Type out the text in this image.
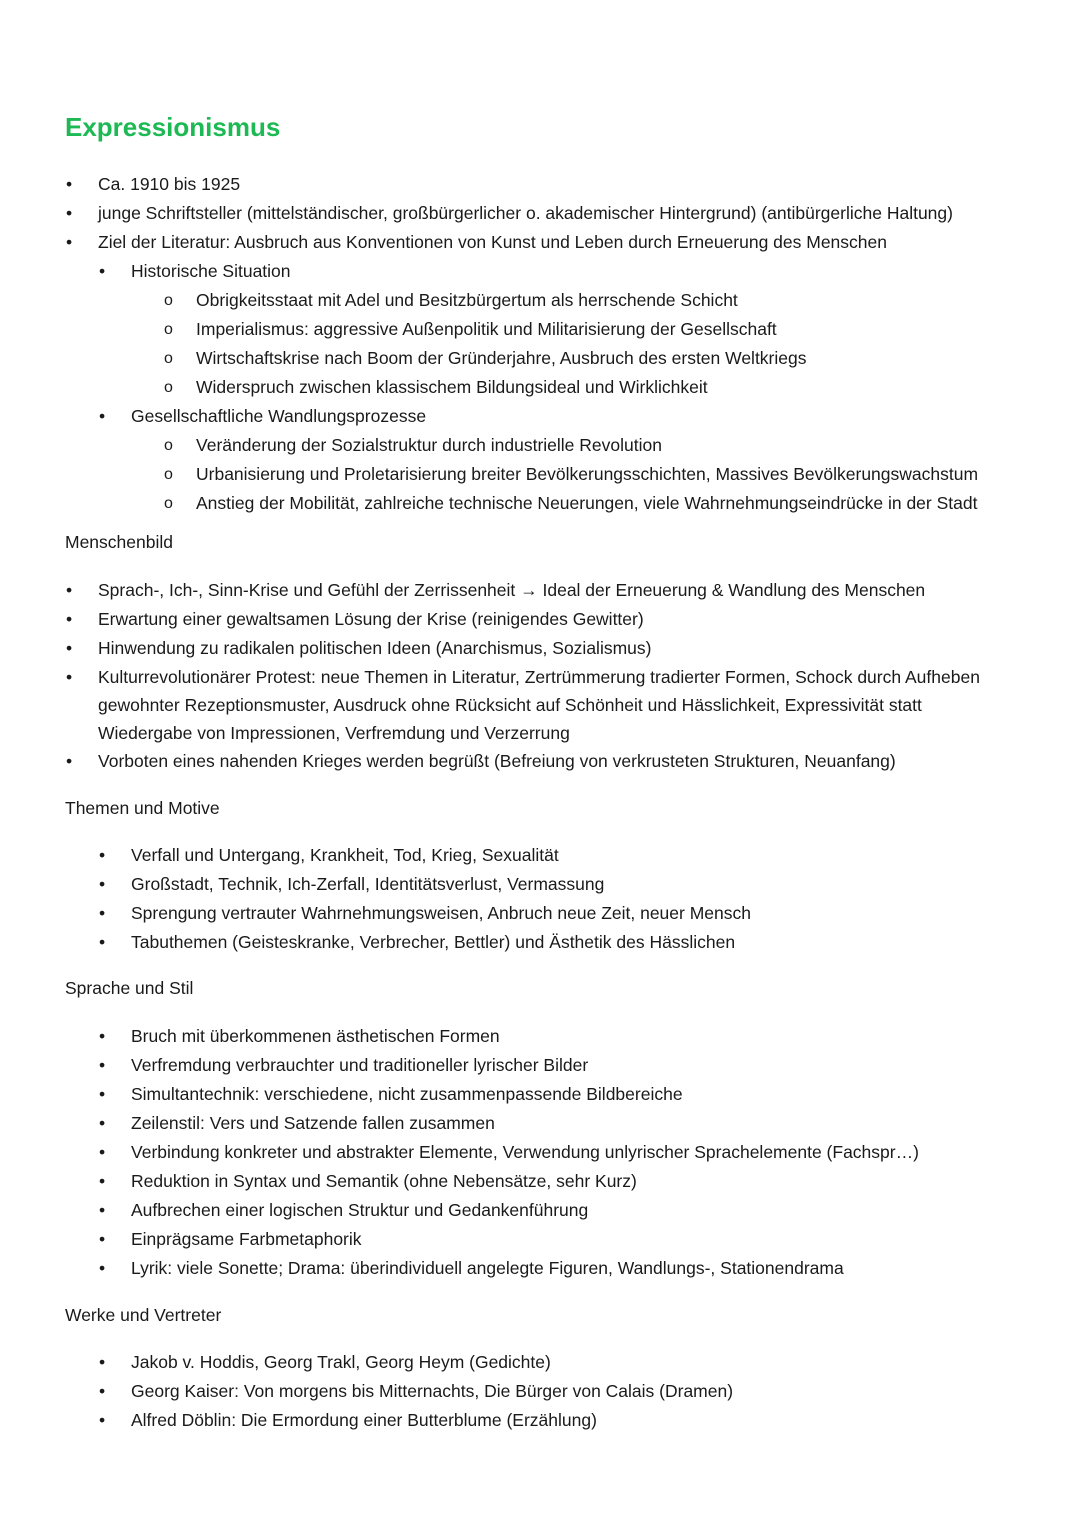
Expressionismus
• Ca. 1910 bis 1925
• junge Schriftsteller (mittelständischer, großbürgerlicher o. akademischer Hintergrund) (antibürgerliche Haltung)
• Ziel der Literatur: Ausbruch aus Konventionen von Kunst und Leben durch Erneuerung des Menschen
• Historische Situation
o Obrigkeitsstaat mit Adel und Besitzbürgertum als herrschende Schicht
o Imperialismus: aggressive Außenpolitik und Militarisierung der Gesellschaft
o Wirtschaftskrise nach Boom der Gründerjahre, Ausbruch des ersten Weltkriegs
o Widerspruch zwischen klassischem Bildungsideal und Wirklichkeit
• Gesellschaftliche Wandlungsprozesse
o Veränderung der Sozialstruktur durch industrielle Revolution
o Urbanisierung und Proletarisierung breiter Bevölkerungsschichten, Massives Bevölkerungswachstum
o Anstieg der Mobilität, zahlreiche technische Neuerungen, viele Wahrnehmungseindrücke in der Stadt
Menschenbild
• Sprach-, Ich-, Sinn-Krise und Gefühl der Zerrissenheit → Ideal der Erneuerung & Wandlung des Menschen
• Erwartung einer gewaltsamen Lösung der Krise (reinigendes Gewitter)
• Hinwendung zu radikalen politischen Ideen (Anarchismus, Sozialismus)
• Kulturrevolutionärer Protest: neue Themen in Literatur, Zertrümmerung tradierter Formen, Schock durch Aufheben gewohnter Rezeptionsmuster, Ausdruck ohne Rücksicht auf Schönheit und Hässlichkeit, Expressivität statt Wiedergabe von Impressionen, Verfremdung und Verzerrung
• Vorboten eines nahenden Krieges werden begrüßt (Befreiung von verkrusteten Strukturen, Neuanfang)
Themen und Motive
• Verfall und Untergang, Krankheit, Tod, Krieg, Sexualität
• Großstadt, Technik, Ich-Zerfall, Identitätsverlust, Vermassung
• Sprengung vertrauter Wahrnehmungsweisen, Anbruch neue Zeit, neuer Mensch
• Tabuthemen (Geisteskranke, Verbrecher, Bettler) und Ästhetik des Hässlichen
Sprache und Stil
• Bruch mit überkommenen ästhetischen Formen
• Verfremdung verbrauchter und traditioneller lyrischer Bilder
• Simultantechnik: verschiedene, nicht zusammenpassende Bildbereiche
• Zeilenstil: Vers und Satzende fallen zusammen
• Verbindung konkreter und abstrakter Elemente, Verwendung unlyrischer Sprachelemente (Fachspr…)
• Reduktion in Syntax und Semantik (ohne Nebensätze, sehr Kurz)
• Aufbrechen einer logischen Struktur und Gedankenführung
• Einprägsame Farbmetaphorik
• Lyrik: viele Sonette; Drama: überindividuell angelegte Figuren, Wandlungs-, Stationendrama
Werke und Vertreter
• Jakob v. Hoddis, Georg Trakl, Georg Heym (Gedichte)
• Georg Kaiser: Von morgens bis Mitternachts, Die Bürger von Calais (Dramen)
• Alfred Döblin: Die Ermordung einer Butterblume (Erzählung)
